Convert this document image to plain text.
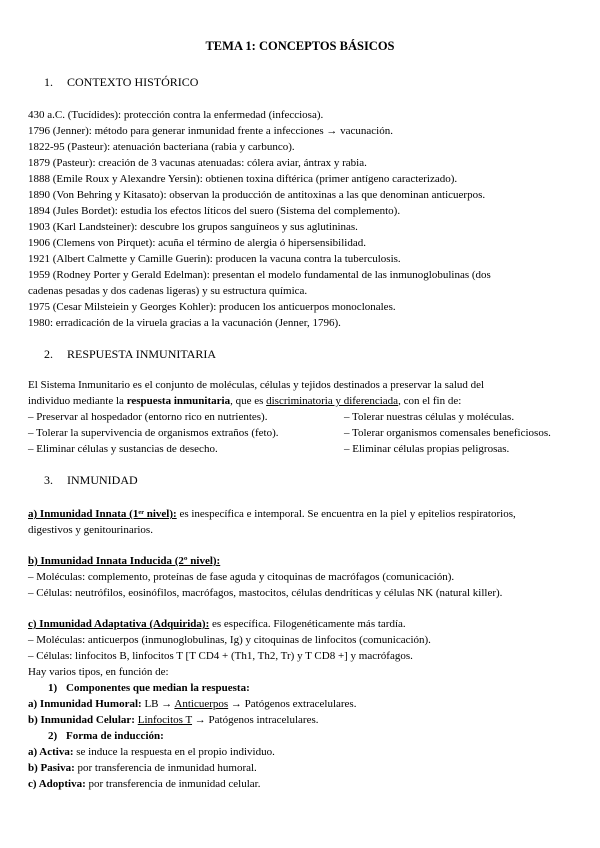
TEMA 1: CONCEPTOS BÁSICOS
1. CONTEXTO HISTÓRICO
430 a.C. (Tucídides): protección contra la enfermedad (infecciosa).
1796 (Jenner): método para generar inmunidad frente a infecciones → vacunación.
1822-95 (Pasteur): atenuación bacteriana (rabia y carbunco).
1879 (Pasteur): creación de 3 vacunas atenuadas: cólera aviar, ántrax y rabia.
1888 (Emile Roux y Alexandre Yersin): obtienen toxina diftérica (primer antígeno caracterizado).
1890 (Von Behring y Kitasato): observan la producción de antitoxinas a las que denominan anticuerpos.
1894 (Jules Bordet): estudia los efectos líticos del suero (Sistema del complemento).
1903 (Karl Landsteiner): descubre los grupos sanguíneos y sus aglutininas.
1906 (Clemens von Pirquet): acuña el término de alergia ó hipersensibilidad.
1921 (Albert Calmette y Camille Guerin): producen la vacuna contra la tuberculosis.
1959 (Rodney Porter y Gerald Edelman): presentan el modelo fundamental de las inmunoglobulinas (dos
cadenas pesadas y dos cadenas ligeras) y su estructura química.
1975 (Cesar Milsteiein y Georges Kohler): producen los anticuerpos monoclonales.
1980: erradicación de la viruela gracias a la vacunación (Jenner, 1796).
2. RESPUESTA INMUNITARIA
El Sistema Inmunitario es el conjunto de moléculas, células y tejidos destinados a preservar la salud del
individuo mediante la respuesta inmunitaria, que es discriminatoria y diferenciada, con el fin de:
– Preservar al hospedador (entorno rico en nutrientes).	– Tolerar nuestras células y moléculas.
– Tolerar la supervivencia de organismos extraños (feto).	– Tolerar organismos comensales beneficiosos.
– Eliminar células y sustancias de desecho.	– Eliminar células propias peligrosas.
3. INMUNIDAD
a) Inmunidad Innata (1ᵉʳ nivel): es inespecífica e intemporal. Se encuentra en la piel y epitelios respiratorios,
digestivos y genitourinarios.
b) Inmunidad Innata Inducida (2º nivel):
– Moléculas: complemento, proteínas de fase aguda y citoquinas de macrófagos (comunicación).
– Células: neutrófilos, eosinófilos, macrófagos, mastocitos, células dendríticas y células NK (natural killer).
c) Inmunidad Adaptativa (Adquirida): es específica. Filogenéticamente más tardía.
– Moléculas: anticuerpos (inmunoglobulinas, Ig) y citoquinas de linfocitos (comunicación).
– Células: linfocitos B, linfocitos T [T CD4 + (Th1, Th2, Tr) y T CD8 +] y macrófagos.
Hay varios tipos, en función de:
1) Componentes que median la respuesta:
a) Inmunidad Humoral: LB → Anticuerpos → Patógenos extracelulares.
b) Inmunidad Celular: Linfocitos T → Patógenos intracelulares.
2) Forma de inducción:
a) Activa: se induce la respuesta en el propio individuo.
b) Pasiva: por transferencia de inmunidad humoral.
c) Adoptiva: por transferencia de inmunidad celular.
